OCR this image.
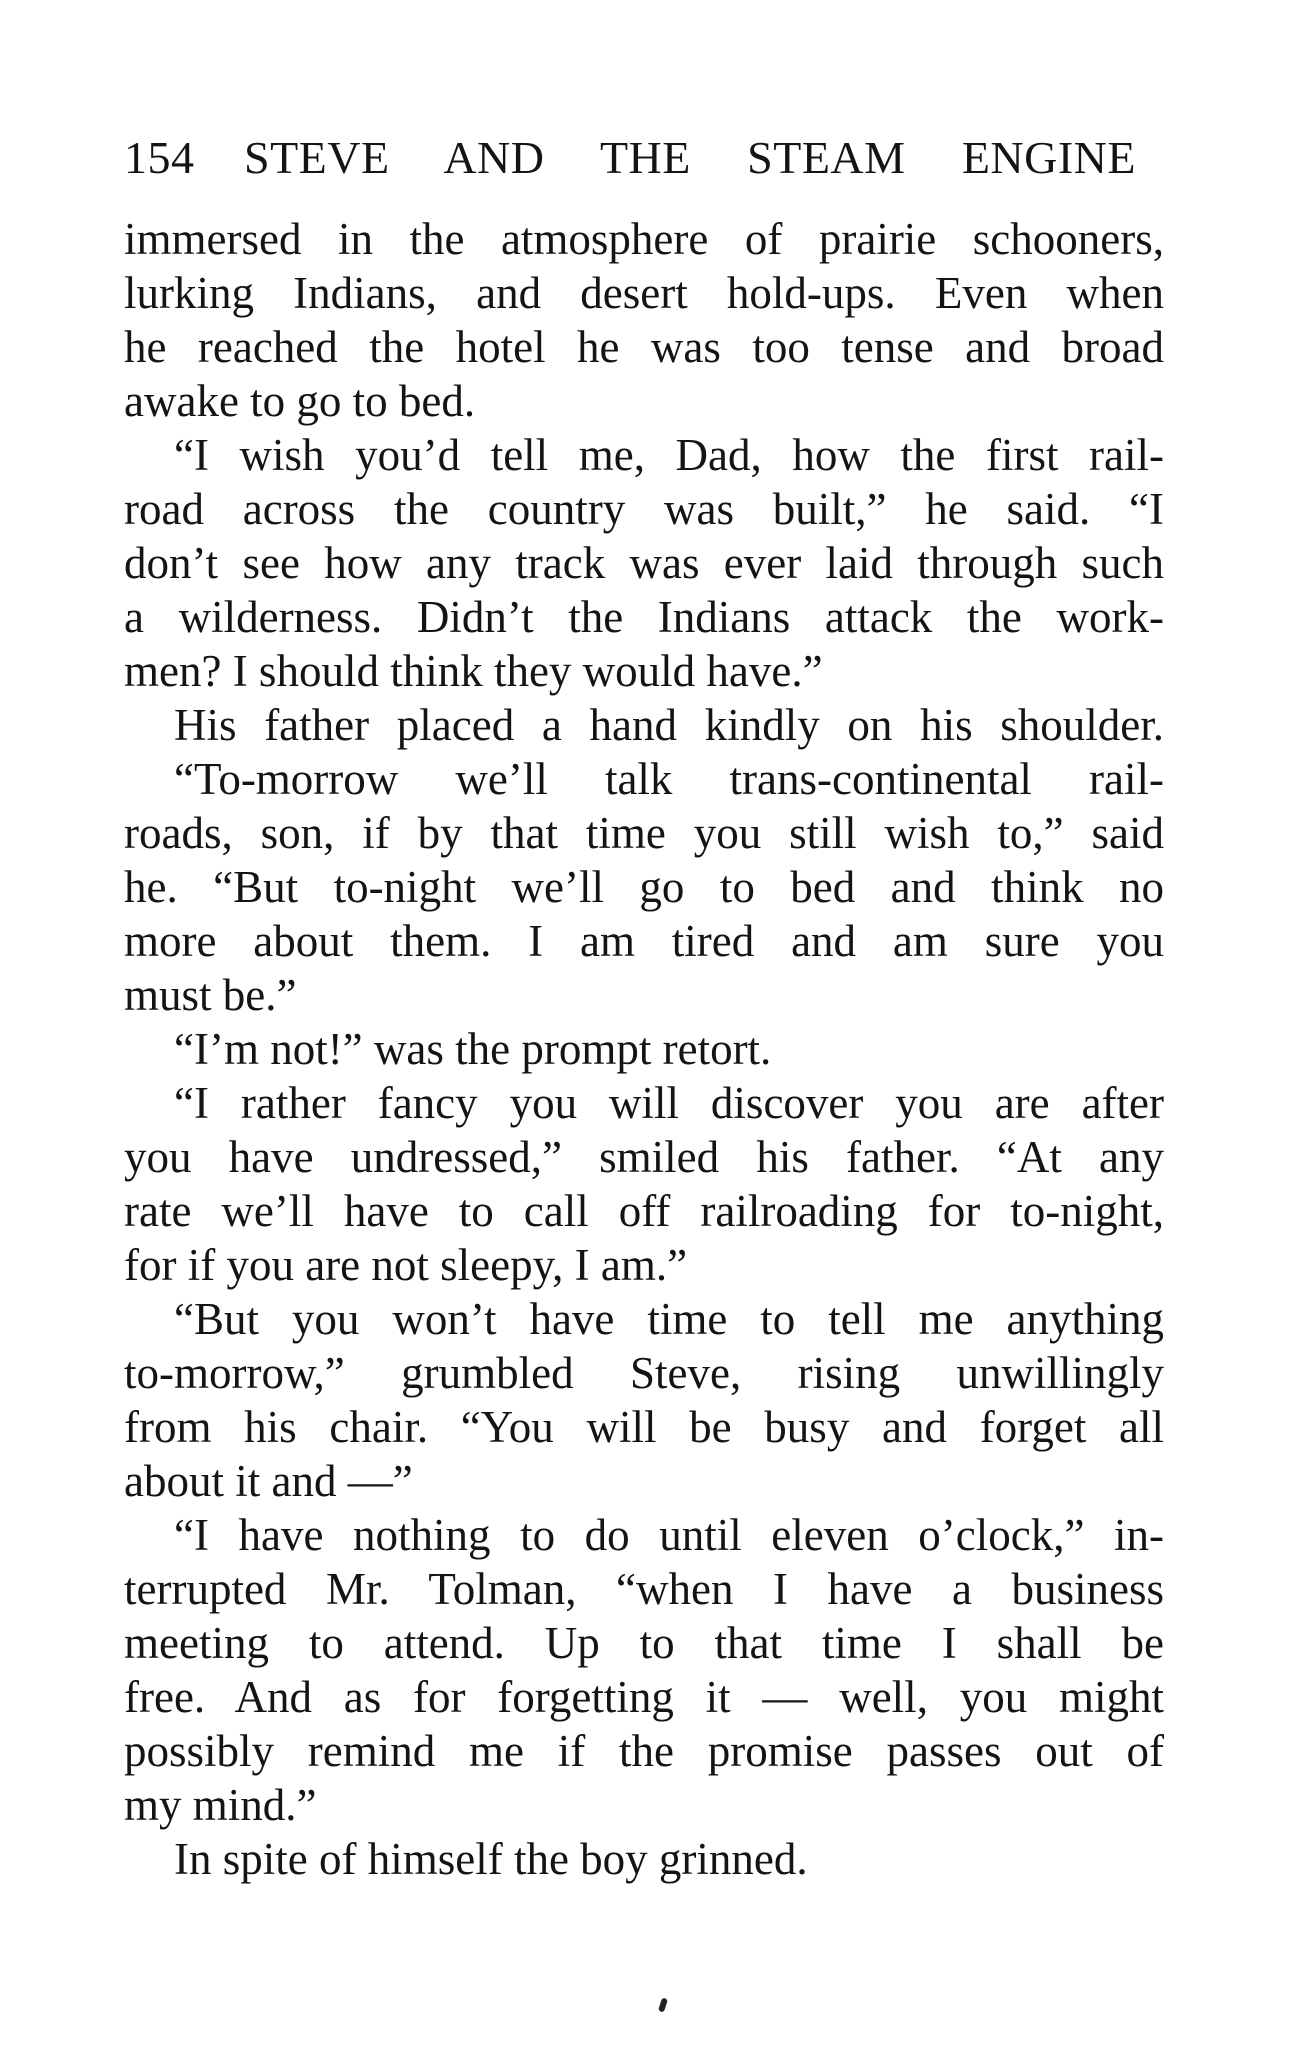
154 STEVE AND THE STEAM ENGINE
immersed in the atmosphere of prairie schooners,
lurking Indians, and desert hold-ups. Even when
he reached the hotel he was too tense and broad
awake to go to bed.
“I wish you’d tell me, Dad, how the first rail-
road across the country was built,” he said. “I
don’t see how any track was ever laid through such
a wilderness. Didn’t the Indians attack the work-
men? I should think they would have.”
His father placed a hand kindly on his shoulder.
“To-morrow we’ll talk trans-continental rail-
roads, son, if by that time you still wish to,” said
he. “But to-night we’ll go to bed and think no
more about them. I am tired and am sure you
must be.”
“I’m not!” was the prompt retort.
“I rather fancy you will discover you are after
you have undressed,” smiled his father. “At any
rate we’ll have to call off railroading for to-night,
for if you are not sleepy, I am.”
“But you won’t have time to tell me anything
to-morrow,” grumbled Steve, rising unwillingly
from his chair. “You will be busy and forget all
about it and —”
“I have nothing to do until eleven o’clock,” in-
terrupted Mr. Tolman, “when I have a business
meeting to attend. Up to that time I shall be
free. And as for forgetting it — well, you might
possibly remind me if the promise passes out of
my mind.”
In spite of himself the boy grinned.
